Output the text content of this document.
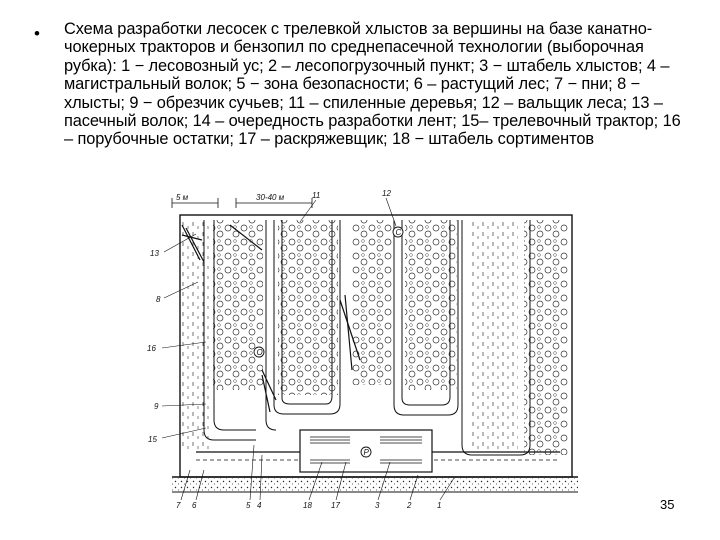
• Схема разработки лесосек с трелевкой хлыстов за вершины на базе канатно-чокерных тракторов и бензопил по среднепасечной технологии (выборочная рубка): 1 − лесовозный ус; 2 – лесопогрузочный пункт; 3 − штабель хлыстов; 4 – магистральный волок; 5 − зона безопасности; 6 – растущий лес; 7 − пни; 8 − хлысты; 9 − обрезчик сучьев; 11 – спиленные деревья; 12 – вальщик леса; 13 – пасечный волок; 14 – очередность разработки лент; 15– трелевочный трактор; 16 – порубочные остатки; 17 – раскряжевщик; 18 − штабель сортиментов
5 м	30-40 м
С
О
Р
11	12
13
8
16
9
15
7 6	5 4	18 17	3	2	1	35
